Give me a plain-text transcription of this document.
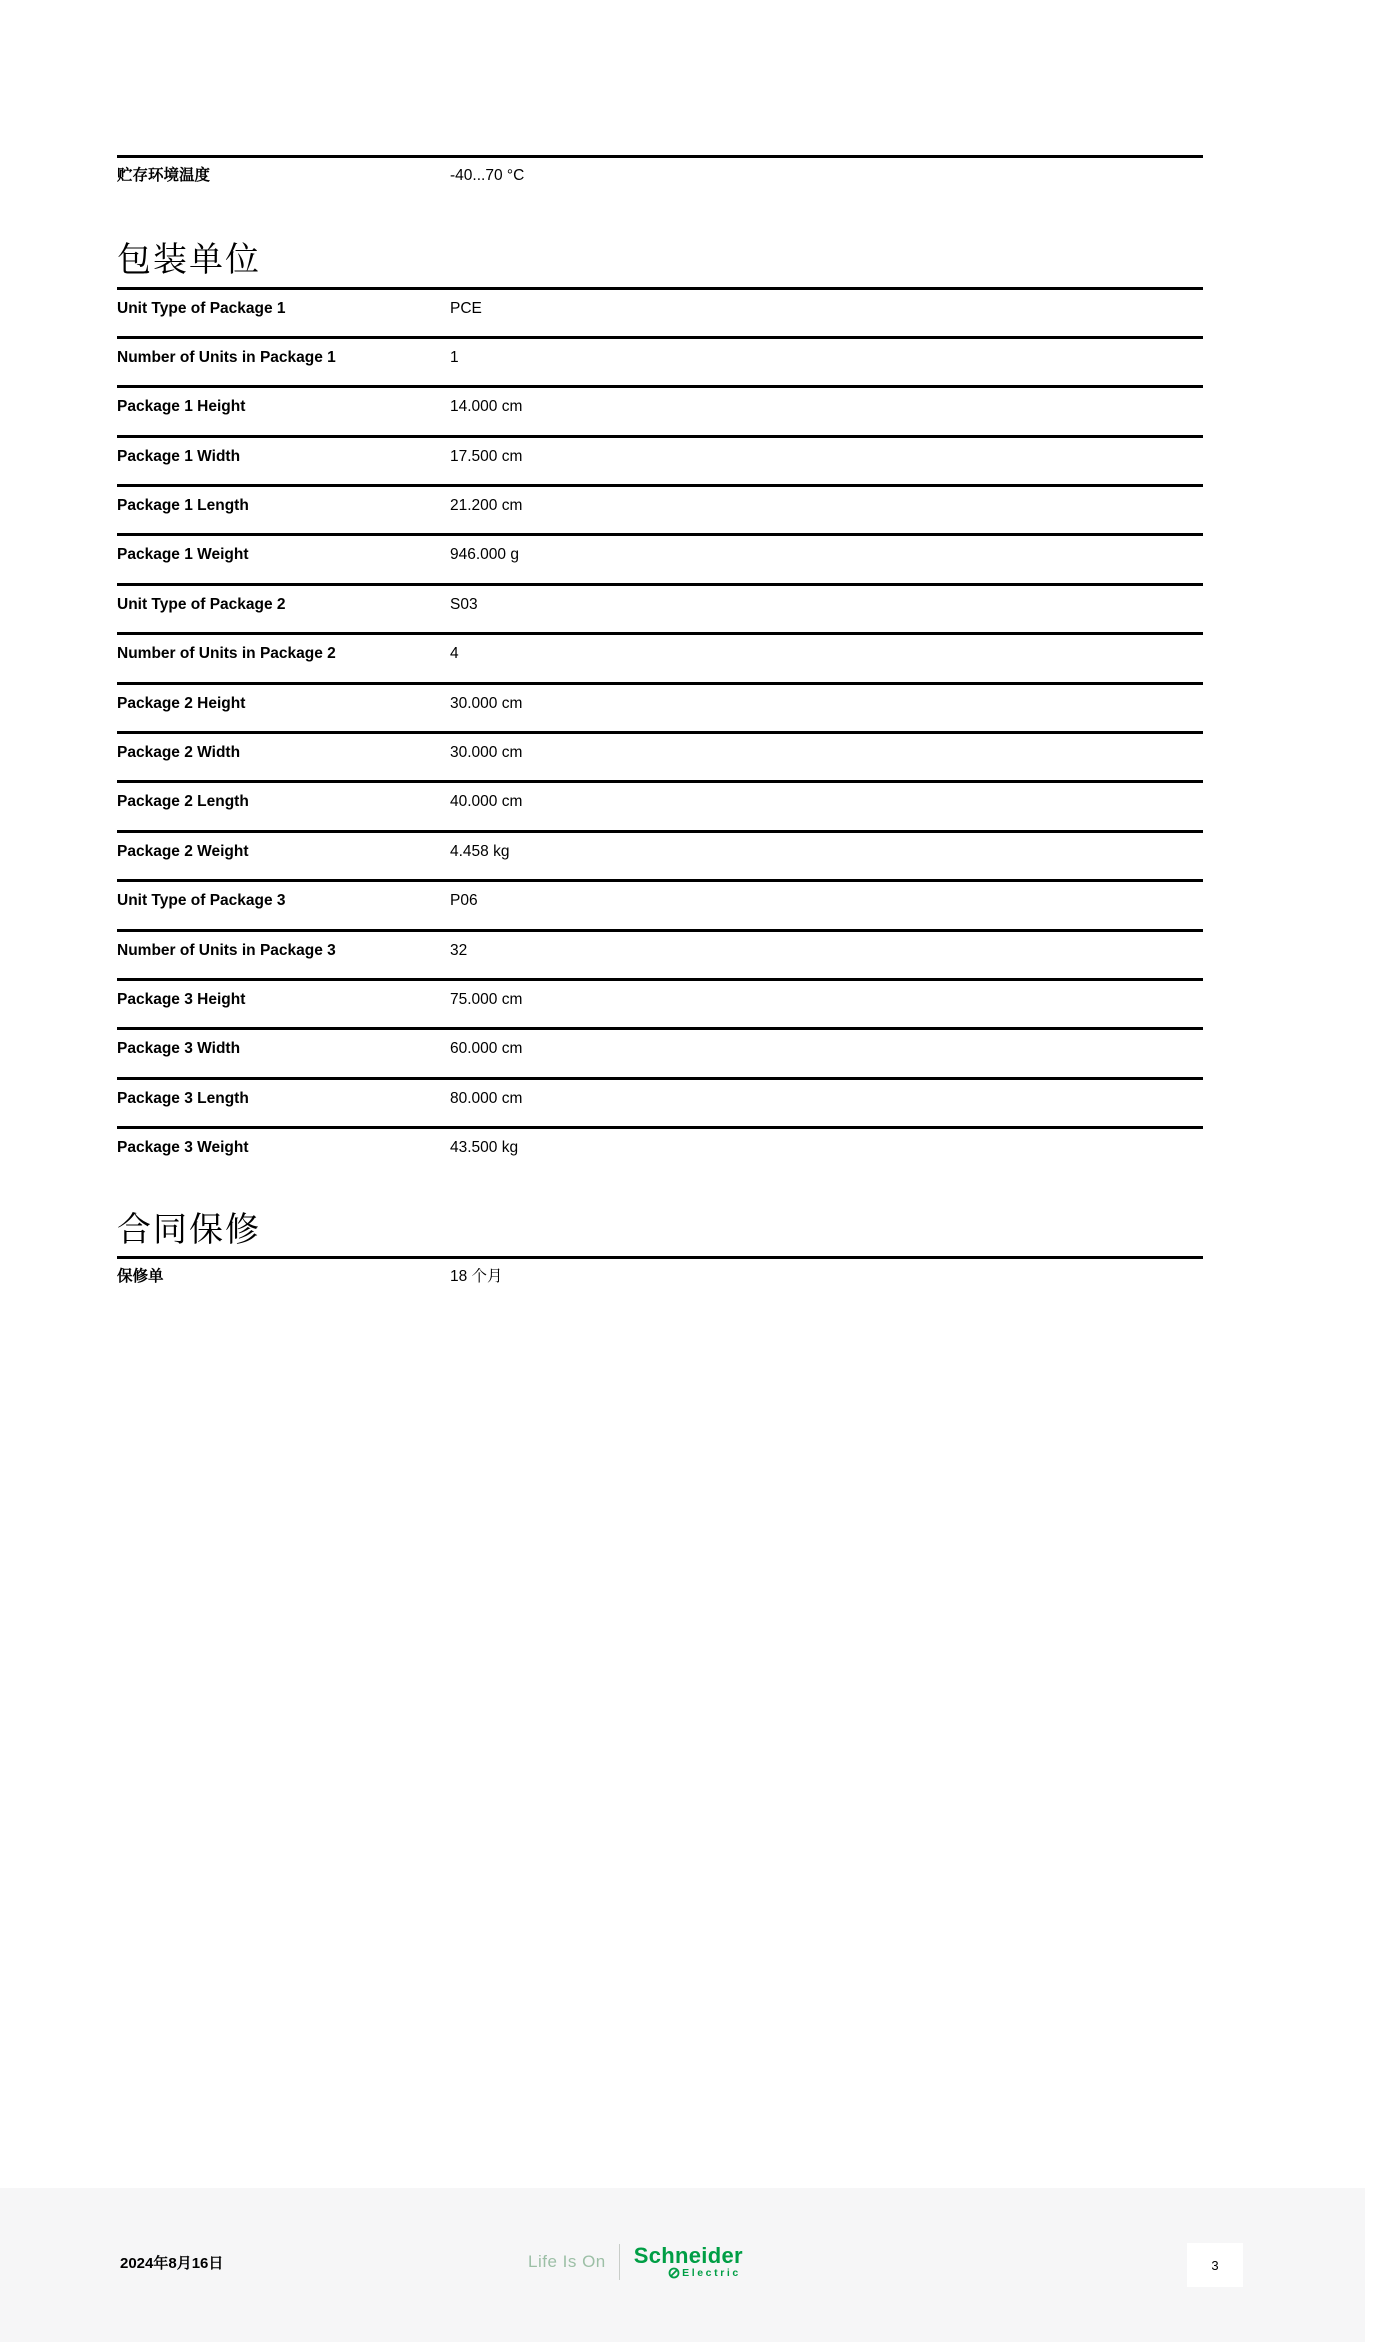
贮存环境温度	-40...70 °C
包装单位
Unit Type of Package 1	PCE
Number of Units in Package 1	1
Package 1 Height	14.000 cm
Package 1 Width	17.500 cm
Package 1 Length	21.200 cm
Package 1 Weight	946.000 g
Unit Type of Package 2	S03
Number of Units in Package 2	4
Package 2 Height	30.000 cm
Package 2 Width	30.000 cm
Package 2 Length	40.000 cm
Package 2 Weight	4.458 kg
Unit Type of Package 3	P06
Number of Units in Package 3	32
Package 3 Height	75.000 cm
Package 3 Width	60.000 cm
Package 3 Length	80.000 cm
Package 3 Weight	43.500 kg
合同保修
保修单	18 个月
2024年8月16日	Life Is On Schneider
Electric	3
